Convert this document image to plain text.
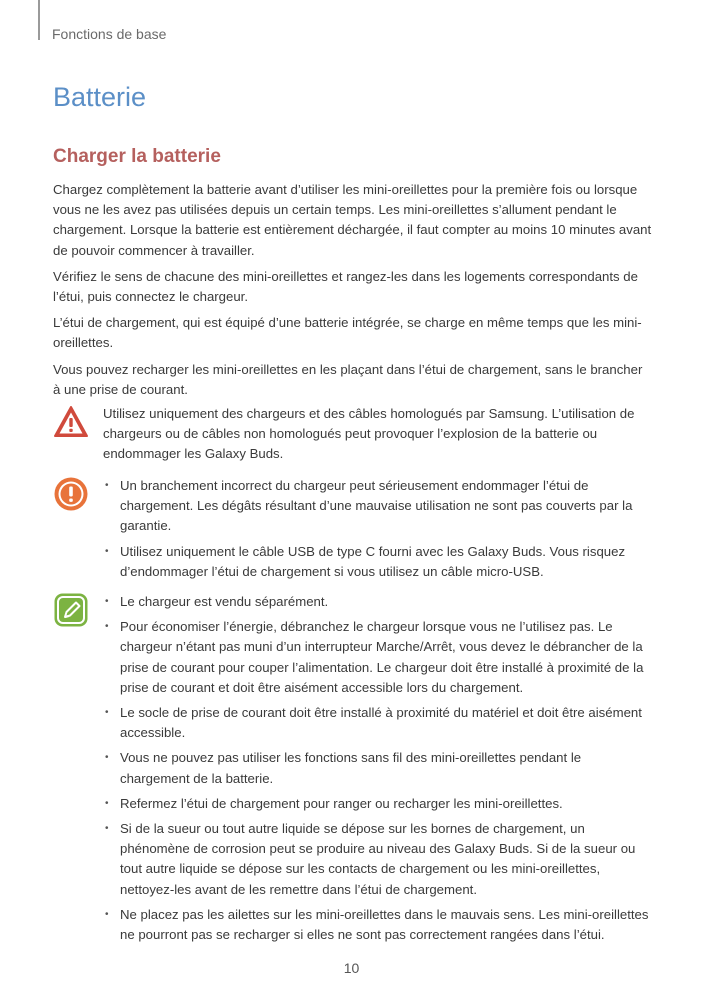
Fonctions de base
Batterie
Charger la batterie

Chargez complètement la batterie avant d’utiliser les mini-oreillettes pour la première fois ou lorsque vous ne les avez pas utilisées depuis un certain temps. Les mini-oreillettes s’allument pendant le chargement. Lorsque la batterie est entièrement déchargée, il faut compter au moins 10 minutes avant de pouvoir commencer à travailler.

Vérifiez le sens de chacune des mini-oreillettes et rangez-les dans les logements correspondants de l’étui, puis connectez le chargeur.

L’étui de chargement, qui est équipé d’une batterie intégrée, se charge en même temps que les mini-oreillettes.

Vous pouvez recharger les mini-oreillettes en les plaçant dans l’étui de chargement, sans le brancher à une prise de courant.

Utilisez uniquement des chargeurs et des câbles homologués par Samsung. L’utilisation de chargeurs ou de câbles non homologués peut provoquer l’explosion de la batterie ou endommager les Galaxy Buds.
• Un branchement incorrect du chargeur peut sérieusement endommager l’étui de chargement. Les dégâts résultant d’une mauvaise utilisation ne sont pas couverts par la garantie.
• Utilisez uniquement le câble USB de type C fourni avec les Galaxy Buds. Vous risquez d’endommager l’étui de chargement si vous utilisez un câble micro-USB.
• Le chargeur est vendu séparément.
• Pour économiser l’énergie, débranchez le chargeur lorsque vous ne l’utilisez pas. Le chargeur n’étant pas muni d’un interrupteur Marche/Arrêt, vous devez le débrancher de la prise de courant pour couper l’alimentation. Le chargeur doit être installé à proximité de la prise de courant et doit être aisément accessible lors du chargement.
• Le socle de prise de courant doit être installé à proximité du matériel et doit être aisément accessible.
• Vous ne pouvez pas utiliser les fonctions sans fil des mini-oreillettes pendant le chargement de la batterie.
• Refermez l’étui de chargement pour ranger ou recharger les mini-oreillettes.
• Si de la sueur ou tout autre liquide se dépose sur les bornes de chargement, un phénomène de corrosion peut se produire au niveau des Galaxy Buds. Si de la sueur ou tout autre liquide se dépose sur les contacts de chargement ou les mini-oreillettes, nettoyez-les avant de les remettre dans l’étui de chargement.
• Ne placez pas les ailettes sur les mini-oreillettes dans le mauvais sens. Les mini-oreillettes ne pourront pas se recharger si elles ne sont pas correctement rangées dans l’étui.
10
